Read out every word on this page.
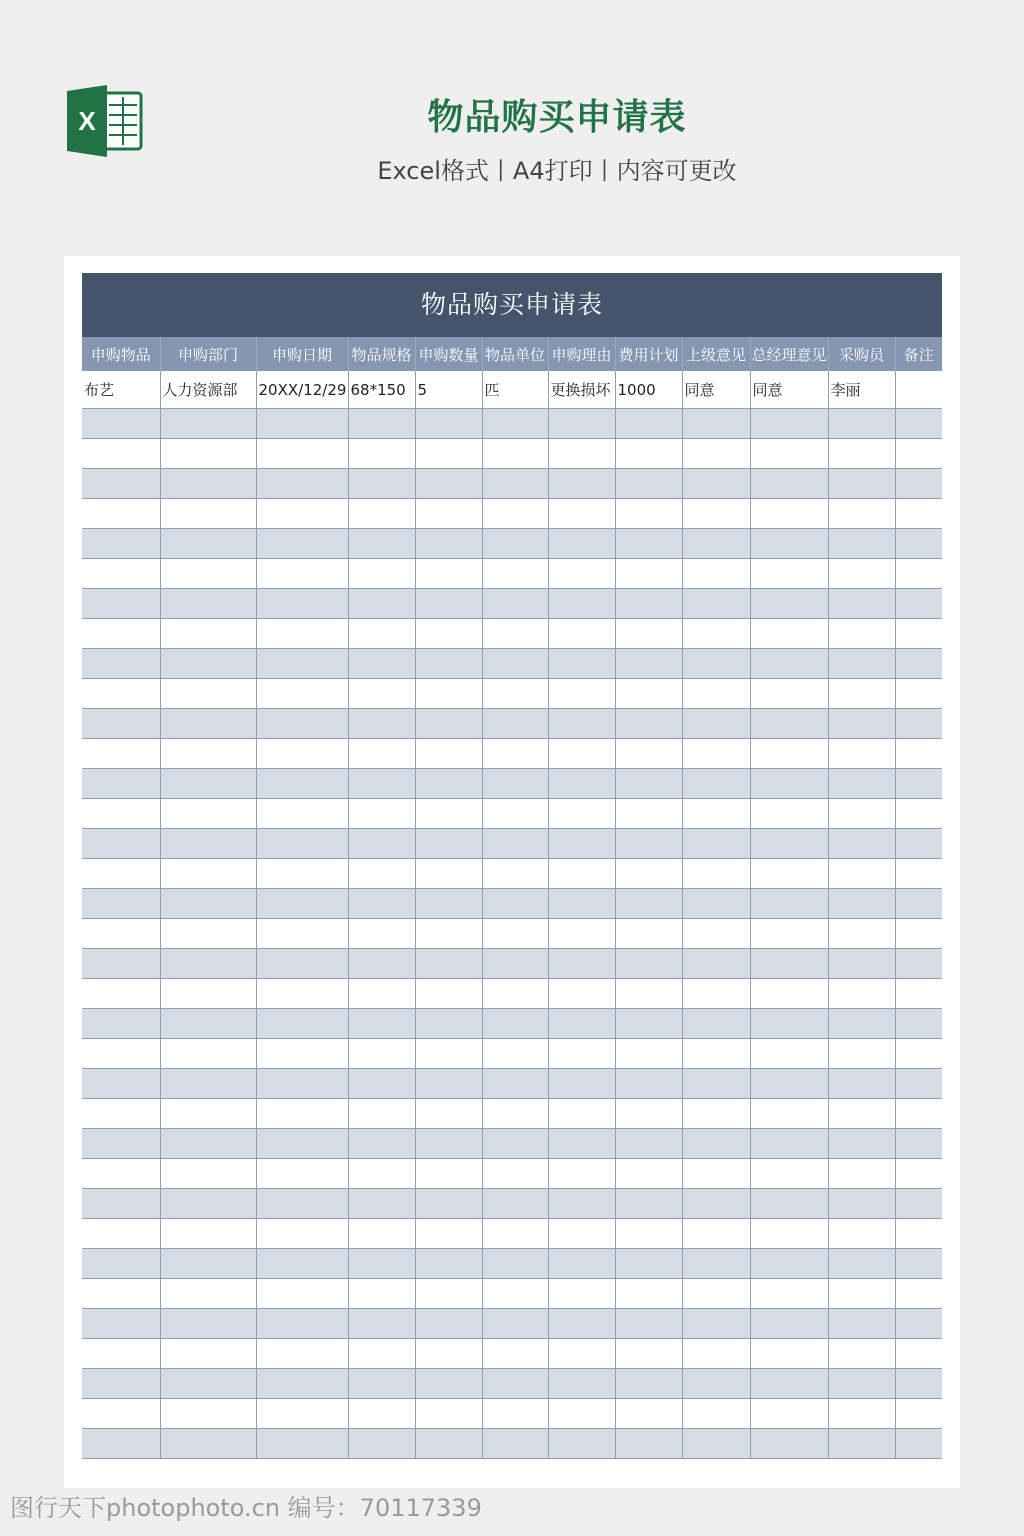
X	物品购买申请表
Excel格式丨A4打印丨内容可更改
物品购买申请表
申购物品	申购部门	申购日期	物品规格	申购数量	物品单位	申购理由	费用计划	上级意见	总经理意见	采购员	备注
布艺	人力资源部	20XX/12/29	68*150	5	匹	更换损坏	1000	同意	同意	李丽	

图行天下photophoto.cn 编号：70117339
